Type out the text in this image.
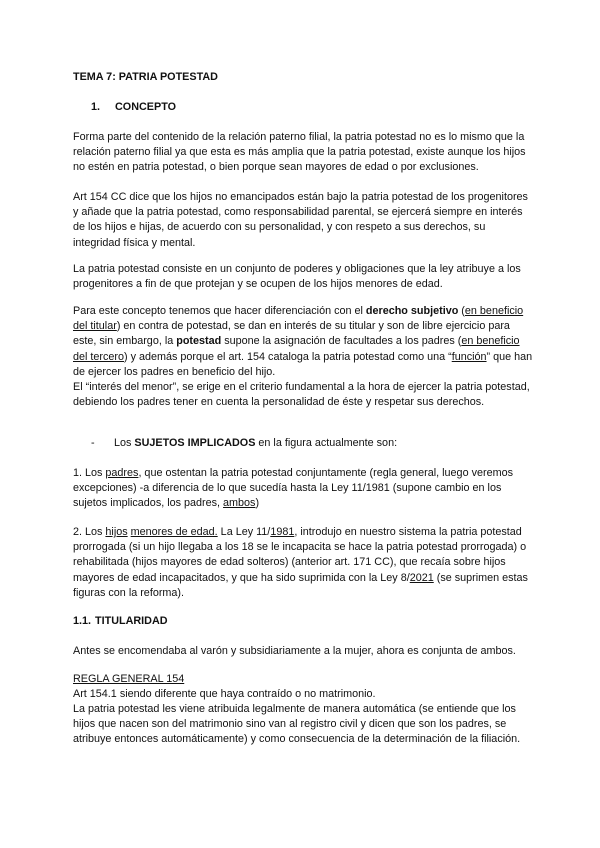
TEMA 7: PATRIA POTESTAD

1. CONCEPTO

Forma parte del contenido de la relación paterno filial, la patria potestad no es lo mismo que la relación paterno filial ya que esta es más amplia que la patria potestad, existe aunque los hijos no estén en patria potestad, o bien porque sean mayores de edad o por exclusiones.

Art 154 CC dice que los hijos no emancipados están bajo la patria potestad de los progenitores y añade que la patria potestad, como responsabilidad parental, se ejercerá siempre en interés de los hijos e hijas, de acuerdo con su personalidad, y con respeto a sus derechos, su integridad física y mental.

La patria potestad consiste en un conjunto de poderes y obligaciones que la ley atribuye a los progenitores a fin de que protejan y se ocupen de los hijos menores de edad.

Para este concepto tenemos que hacer diferenciación con el derecho subjetivo (en beneficio del titular) en contra de potestad, se dan en interés de su titular y son de libre ejercicio para este, sin embargo, la potestad supone la asignación de facultades a los padres (en beneficio del tercero) y además porque el art. 154 cataloga la patria potestad como una “función” que han de ejercer los padres en beneficio del hijo.

El “interés del menor”, se erige en el criterio fundamental a la hora de ejercer la patria potestad, debiendo los padres tener en cuenta la personalidad de éste y respetar sus derechos.

- Los SUJETOS IMPLICADOS en la figura actualmente son:

1. Los padres, que ostentan la patria potestad conjuntamente (regla general, luego veremos excepciones) -a diferencia de lo que sucedía hasta la Ley 11/1981 (supone cambio en los sujetos implicados, los padres, ambos)

2. Los hijos menores de edad. La Ley 11/1981, introdujo en nuestro sistema la patria potestad prorrogada (si un hijo llegaba a los 18 se le incapacita se hace la patria potestad prorrogada) o rehabilitada (hijos mayores de edad solteros) (anterior art. 171 CC), que recaía sobre hijos mayores de edad incapacitados, y que ha sido suprimida con la Ley 8/2021 (se suprimen estas figuras con la reforma).

1.1. TITULARIDAD

Antes se encomendaba al varón y subsidiariamente a la mujer, ahora es conjunta de ambos.

REGLA GENERAL 154

Art 154.1 siendo diferente que haya contraído o no matrimonio.

La patria potestad les viene atribuida legalmente de manera automática (se entiende que los hijos que nacen son del matrimonio sino van al registro civil y dicen que son los padres, se atribuye entonces automáticamente) y como consecuencia de la determinación de la filiación.
